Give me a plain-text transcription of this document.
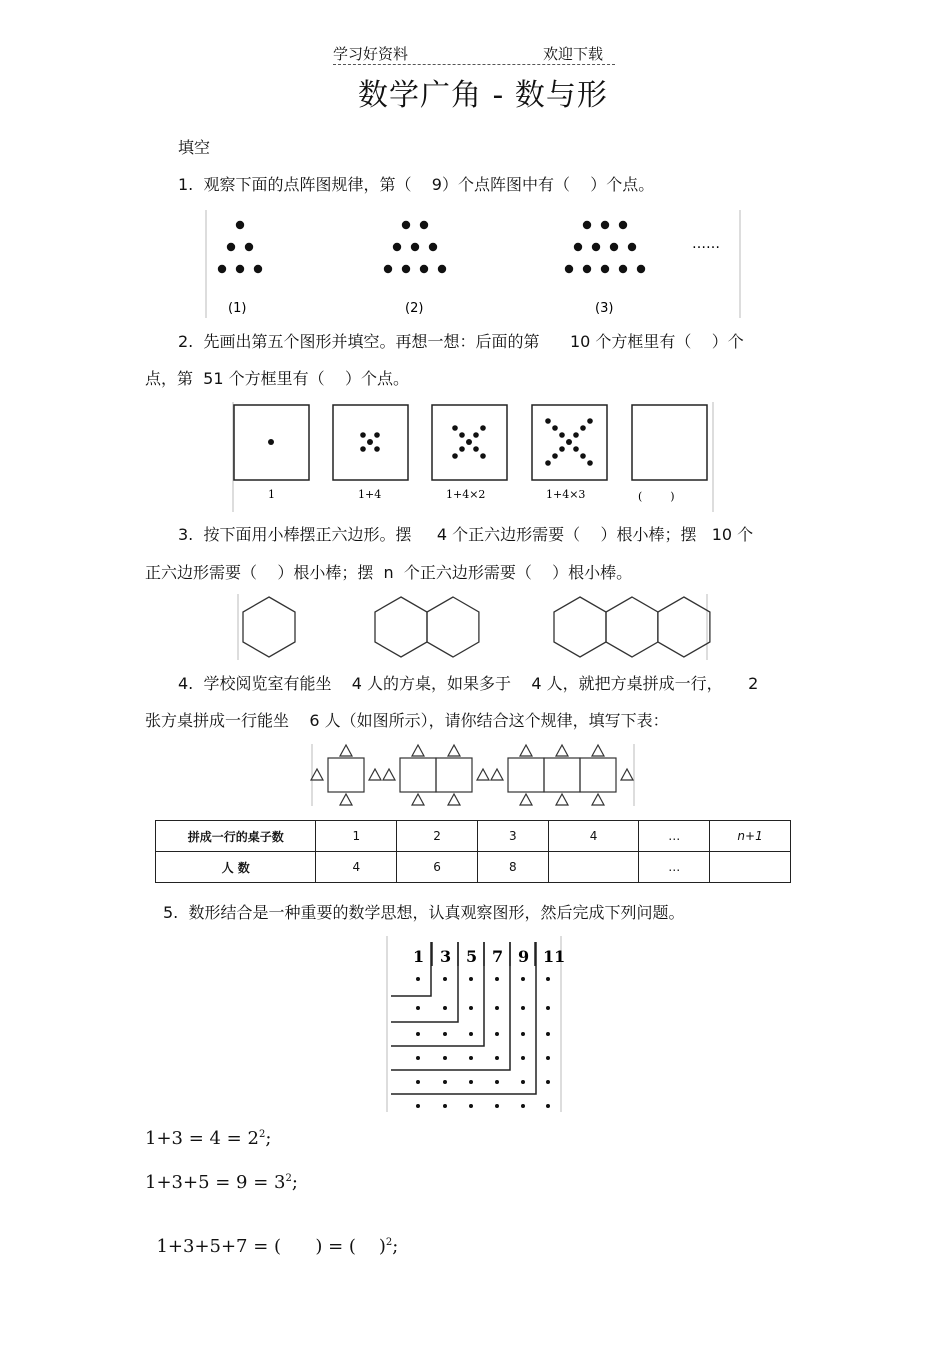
学习好资料	欢迎下载
数学广角 - 数与形
填空
1.  观察下面的点阵图规律，第（    9）个点阵图中有（    ）个点。
(1)	(2)	(3)
……
2.  先画出第五个图形并填空。再想一想：后面的第      10 个方框里有（    ）个
点，第  51 个方框里有（    ）个点。
1	1+4	1+4×2	1+4×3	(        )
3.  按下面用小棒摆正六边形。摆     4 个正六边形需要（    ）根小棒；摆   10 个
正六边形需要（    ）根小棒；摆  n  个正六边形需要（    ）根小棒。
4.  学校阅览室有能坐    4 人的方桌，如果多于    4 人，就把方桌拼成一行，     2
张方桌拼成一行能坐    6 人（如图所示），请你结合这个规律，填写下表：
拼成一行的桌子数	1	2	3	4	…	n+1
人 数	4	6	8		…	
5.  数形结合是一种重要的数学思想，认真观察图形，然后完成下列问题。
1 3 5 7 9 11
$1+3 = 4 = 2^2$;
$1+3+5 = 9 = 3^2$;

1+3+5+7 = (      ) = (    )$^2$;
